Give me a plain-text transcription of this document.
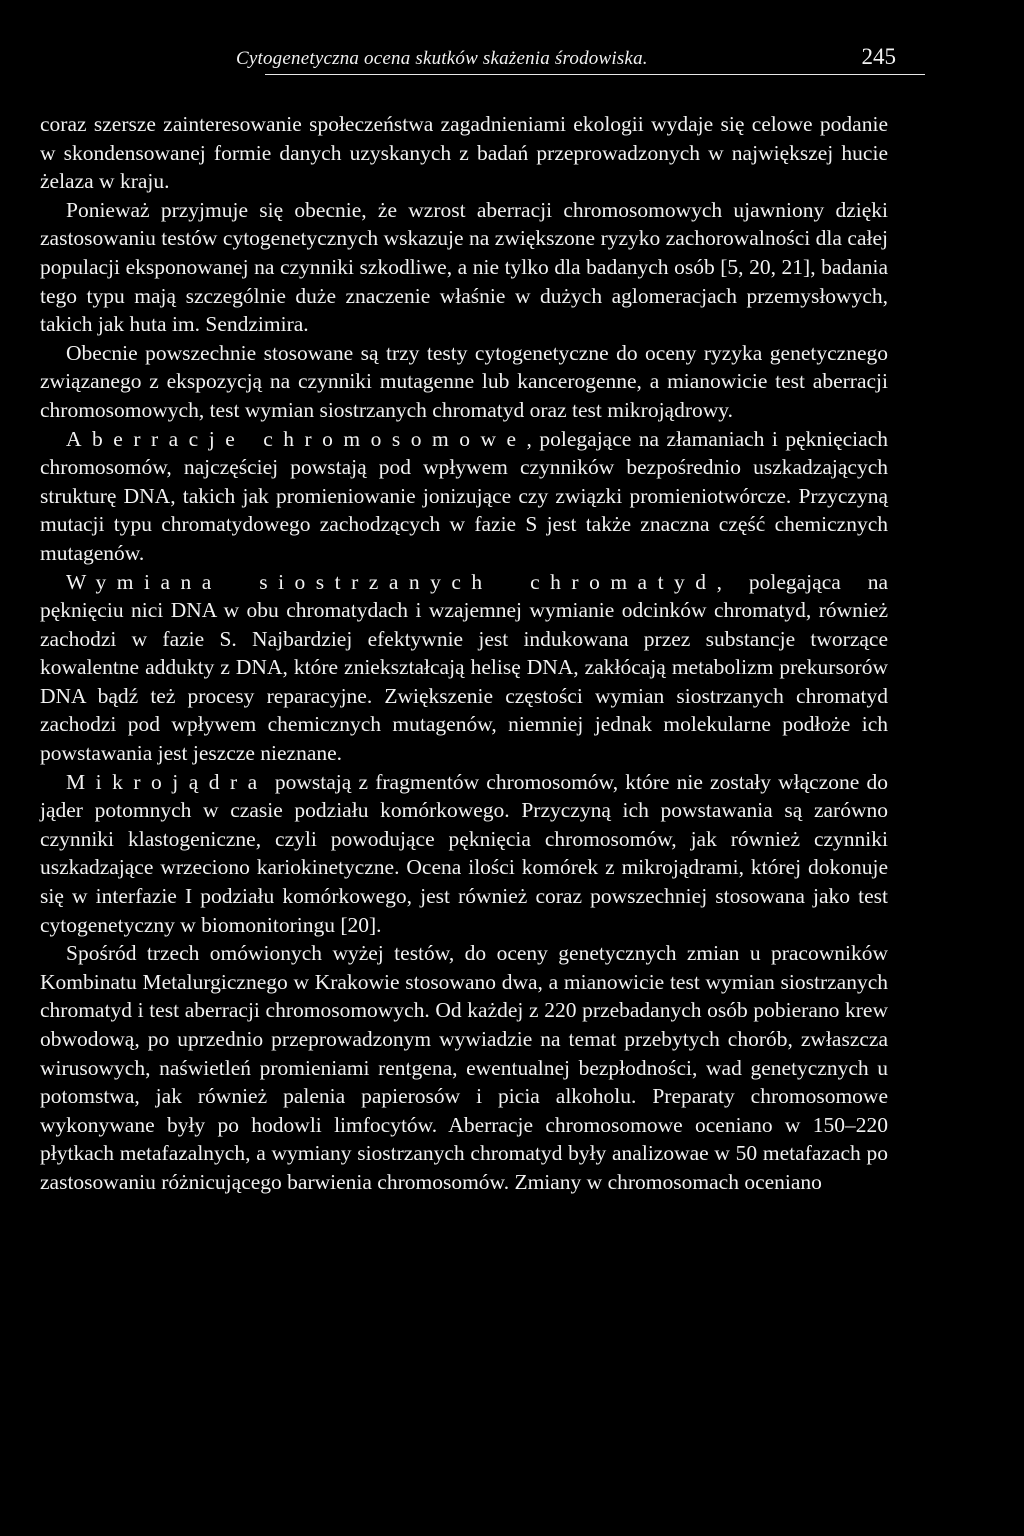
Cytogenetyczna ocena skutków skażenia środowiska.	245

coraz szersze zainteresowanie społeczeństwa zagadnieniami ekologii wydaje się celowe podanie w skondensowanej formie danych uzyskanych z badań przeprowadzonych w największej hucie żelaza w kraju.

Ponieważ przyjmuje się obecnie, że wzrost aberracji chromosomowych ujawniony dzięki zastosowaniu testów cytogenetycznych wskazuje na zwiększone ryzyko zachorowalności dla całej populacji eksponowanej na czynniki szkodliwe, a nie tylko dla badanych osób [5, 20, 21], badania tego typu mają szczególnie duże znaczenie właśnie w dużych aglomeracjach przemysłowych, takich jak huta im. Sendzimira.

Obecnie powszechnie stosowane są trzy testy cytogenetyczne do oceny ryzyka genetycznego związanego z ekspozycją na czynniki mutagenne lub kancerogenne, a mianowicie test aberracji chromosomowych, test wymian siostrzanych chromatyd oraz test mikrojądrowy.

Aberracje chromosomowe, polegające na złamaniach i pęknięciach chromosomów, najczęściej powstają pod wpływem czynników bezpośrednio uszkadzających strukturę DNA, takich jak promieniowanie jonizujące czy związki promieniotwórcze. Przyczyną mutacji typu chromatydowego zachodzących w fazie S jest także znaczna część chemicznych mutagenów.

Wymiana siostrzanych chromatyd, polegająca na pęknięciu nici DNA w obu chromatydach i wzajemnej wymianie odcinków chromatyd, również zachodzi w fazie S. Najbardziej efektywnie jest indukowana przez substancje tworzące kowalentne addukty z DNA, które zniekształcają helisę DNA, zakłócają metabolizm prekursorów DNA bądź też procesy reparacyjne. Zwiększenie częstości wymian siostrzanych chromatyd zachodzi pod wpływem chemicznych mutagenów, niemniej jednak molekularne podłoże ich powstawania jest jeszcze nieznane.

Mikrojądra powstają z fragmentów chromosomów, które nie zostały włączone do jąder potomnych w czasie podziału komórkowego. Przyczyną ich powstawania są zarówno czynniki klastogeniczne, czyli powodujące pęknięcia chromosomów, jak również czynniki uszkadzające wrzeciono kariokinetyczne. Ocena ilości komórek z mikrojądrami, której dokonuje się w interfazie I podziału komórkowego, jest również coraz powszechniej stosowana jako test cytogenetyczny w biomonitoringu [20].

Spośród trzech omówionych wyżej testów, do oceny genetycznych zmian u pracowników Kombinatu Metalurgicznego w Krakowie stosowano dwa, a mianowicie test wymian siostrzanych chromatyd i test aberracji chromosomowych. Od każdej z 220 przebadanych osób pobierano krew obwodową, po uprzednio przeprowadzonym wywiadzie na temat przebytych chorób, zwłaszcza wirusowych, naświetleń promieniami rentgena, ewentualnej bezpłodności, wad genetycznych u potomstwa, jak również palenia papierosów i picia alkoholu. Preparaty chromosomowe wykonywane były po hodowli limfocytów. Aberracje chromosomowe oceniano w 150–220 płytkach metafazalnych, a wymiany siostrzanych chromatyd były analizowae w 50 metafazach po zastosowaniu różnicującego barwienia chromosomów. Zmiany w chromosomach oceniano
